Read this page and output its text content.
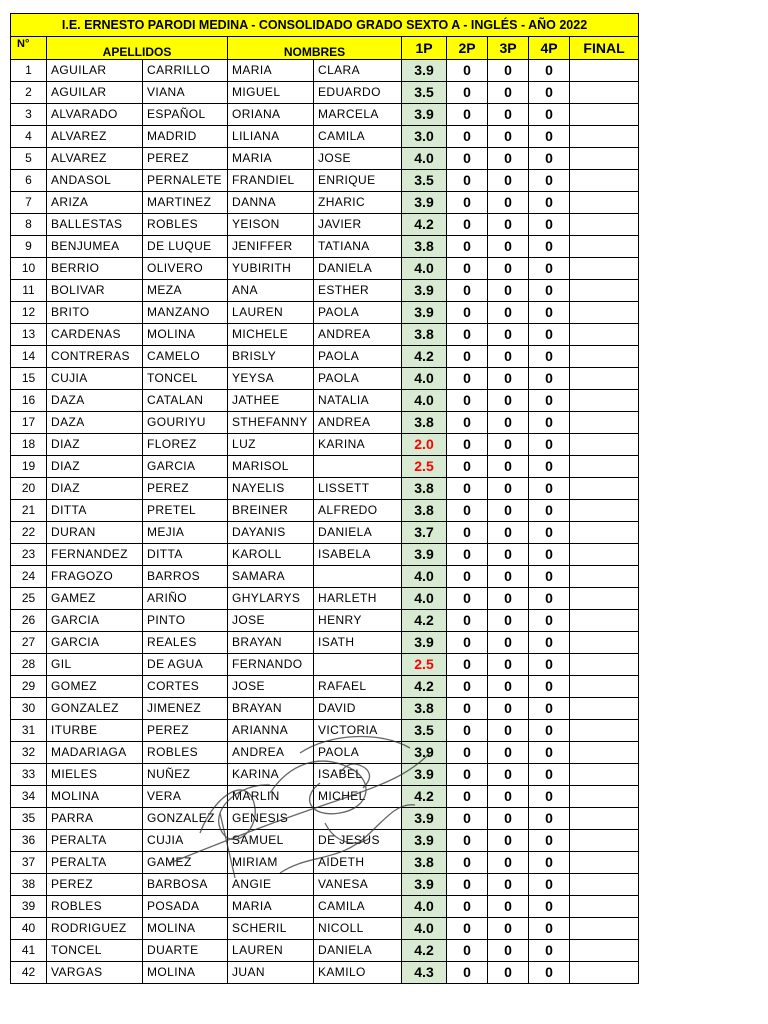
I.E. ERNESTO PARODI MEDINA - CONSOLIDADO GRADO SEXTO A - INGLÉS - AÑO 2022									
N°	APELLIDOS		NOMBRES		1P	2P	3P	4P	FINAL
1	AGUILAR	CARRILLO	MARIA	CLARA	3.9	0	0	0	
2	AGUILAR	VIANA	MIGUEL	EDUARDO	3.5	0	0	0	
3	ALVARADO	ESPAÑOL	ORIANA	MARCELA	3.9	0	0	0	
4	ALVAREZ	MADRID	LILIANA	CAMILA	3.0	0	0	0	
5	ALVAREZ	PEREZ	MARIA	JOSE	4.0	0	0	0	
6	ANDASOL	PERNALETE	FRANDIEL	ENRIQUE	3.5	0	0	0	
7	ARIZA	MARTINEZ	DANNA	ZHARIC	3.9	0	0	0	
8	BALLESTAS	ROBLES	YEISON	JAVIER	4.2	0	0	0	
9	BENJUMEA	DE LUQUE	JENIFFER	TATIANA	3.8	0	0	0	
10	BERRIO	OLIVERO	YUBIRITH	DANIELA	4.0	0	0	0	
11	BOLIVAR	MEZA	ANA	ESTHER	3.9	0	0	0	
12	BRITO	MANZANO	LAUREN	PAOLA	3.9	0	0	0	
13	CARDENAS	MOLINA	MICHELE	ANDREA	3.8	0	0	0	
14	CONTRERAS	CAMELO	BRISLY	PAOLA	4.2	0	0	0	
15	CUJIA	TONCEL	YEYSA	PAOLA	4.0	0	0	0	
16	DAZA	CATALAN	JATHEE	NATALIA	4.0	0	0	0	
17	DAZA	GOURIYU	STHEFANNY	ANDREA	3.8	0	0	0	
18	DIAZ	FLOREZ	LUZ	KARINA	2.0	0	0	0	
19	DIAZ	GARCIA	MARISOL		2.5	0	0	0	
20	DIAZ	PEREZ	NAYELIS	LISSETT	3.8	0	0	0	
21	DITTA	PRETEL	BREINER	ALFREDO	3.8	0	0	0	
22	DURAN	MEJIA	DAYANIS	DANIELA	3.7	0	0	0	
23	FERNANDEZ	DITTA	KAROLL	ISABELA	3.9	0	0	0	
24	FRAGOZO	BARROS	SAMARA		4.0	0	0	0	
25	GAMEZ	ARIÑO	GHYLARYS	HARLETH	4.0	0	0	0	
26	GARCIA	PINTO	JOSE	HENRY	4.2	0	0	0	
27	GARCIA	REALES	BRAYAN	ISATH	3.9	0	0	0	
28	GIL	DE AGUA	FERNANDO		2.5	0	0	0	
29	GOMEZ	CORTES	JOSE	RAFAEL	4.2	0	0	0	
30	GONZALEZ	JIMENEZ	BRAYAN	DAVID	3.8	0	0	0	
31	ITURBE	PEREZ	ARIANNA	VICTORIA	3.5	0	0	0	
32	MADARIAGA	ROBLES	ANDREA	PAOLA	3.9	0	0	0	
33	MIELES	NUÑEZ	KARINA	ISABEL	3.9	0	0	0	
34	MOLINA	VERA	MARLIN	MICHEL	4.2	0	0	0	
35	PARRA	GONZALEZ	GENESIS		3.9	0	0	0	
36	PERALTA	CUJIA	SAMUEL	DE JESUS	3.9	0	0	0	
37	PERALTA	GAMEZ	MIRIAM	AIDETH	3.8	0	0	0	
38	PEREZ	BARBOSA	ANGIE	VANESA	3.9	0	0	0	
39	ROBLES	POSADA	MARIA	CAMILA	4.0	0	0	0	
40	RODRIGUEZ	MOLINA	SCHERIL	NICOLL	4.0	0	0	0	
41	TONCEL	DUARTE	LAUREN	DANIELA	4.2	0	0	0	
42	VARGAS	MOLINA	JUAN	KAMILO	4.3	0	0	0	
